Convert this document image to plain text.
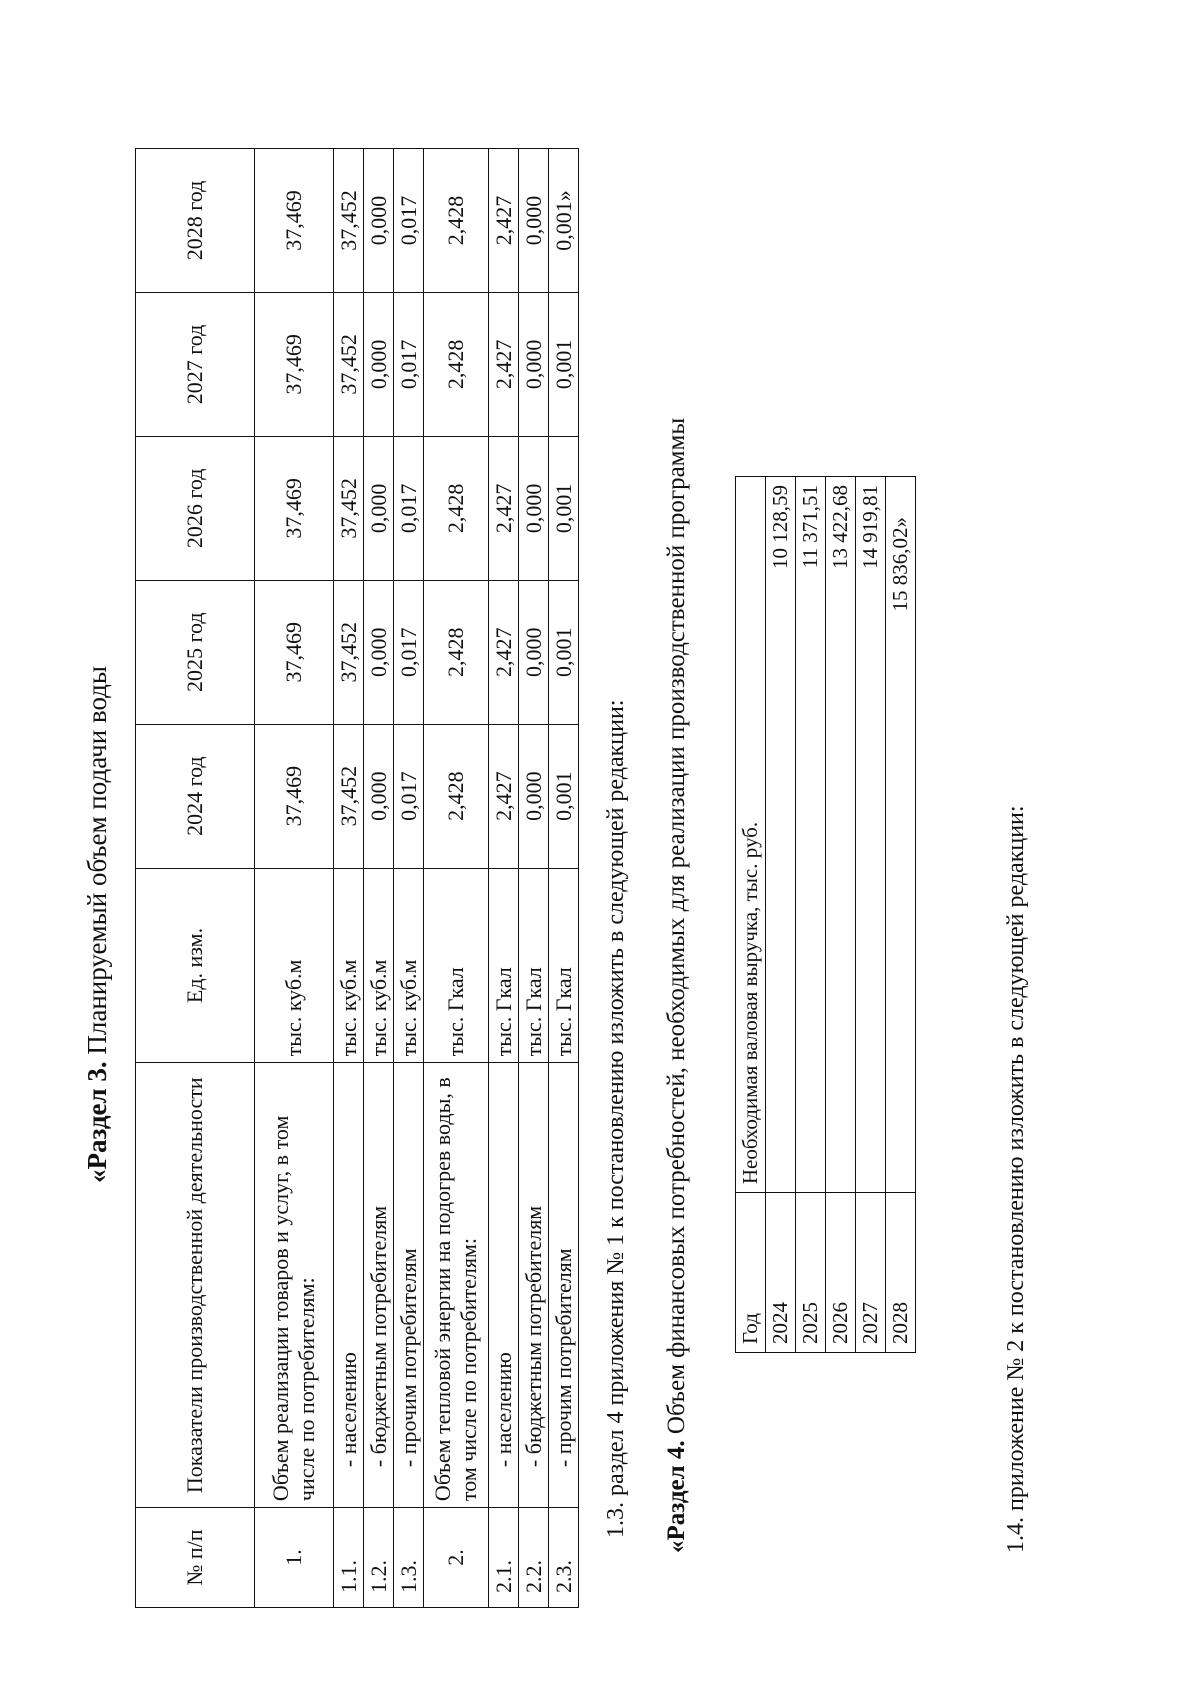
«Раздел 3. Планируемый объем подачи воды
№ п/п	Показатели производственной деятельности	Ед. изм.	2024 год	2025 год	2026 год	2027 год	2028 год
1.	Объем реализации товаров и услуг, в том числе по потребителям:	тыс. куб.м	37,469	37,469	37,469	37,469	37,469
1.1.	- населению	тыс. куб.м	37,452	37,452	37,452	37,452	37,452
1.2.	- бюджетным потребителям	тыс. куб.м	0,000	0,000	0,000	0,000	0,000
1.3.	- прочим потребителям	тыс. куб.м	0,017	0,017	0,017	0,017	0,017
2.	Объем тепловой энергии на подогрев воды, в том числе по потребителям:	тыс. Гкал	2,428	2,428	2,428	2,428	2,428
2.1.	- населению	тыс. Гкал	2,427	2,427	2,427	2,427	2,427
2.2.	- бюджетным потребителям	тыс. Гкал	0,000	0,000	0,000	0,000	0,000
2.3.	- прочим потребителям	тыс. Гкал	0,001	0,001	0,001	0,001	0,001»
1.3. раздел 4 приложения № 1 к постановлению изложить в следующей редакции: «Раздел 4. Объем финансовых потребностей, необходимых для реализации производственной программы Год	Необходимая валовая выручка, тыс. руб.
2024	10 128,59
2025	11 371,51
2026	13 422,68
2027	14 919,81
2028	15 836,02»
1.4. приложение № 2 к постановлению изложить в следующей редакции:
